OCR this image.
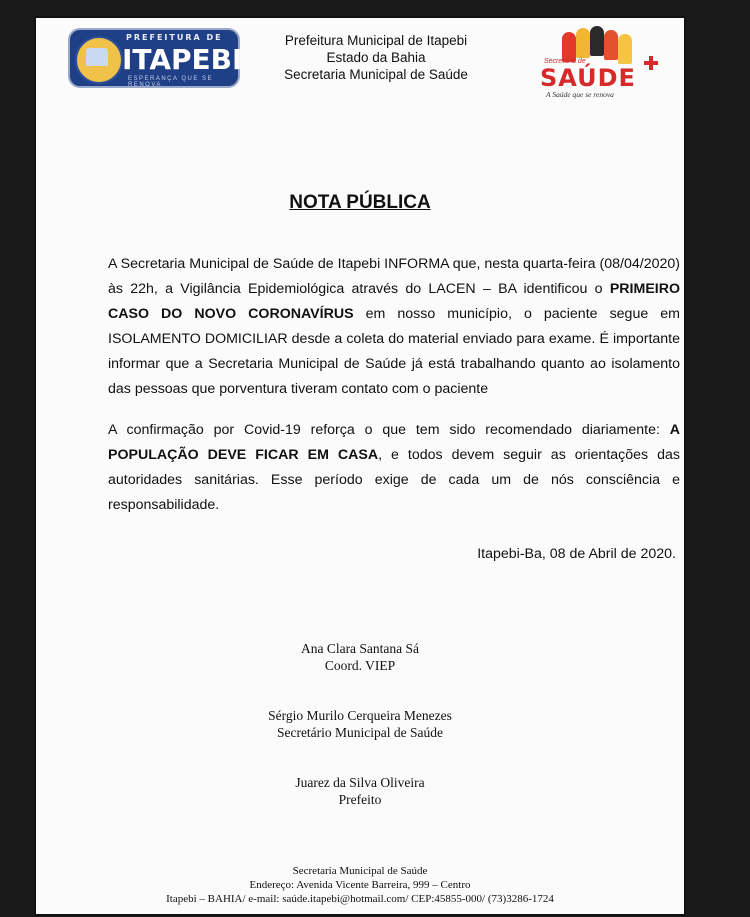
PREFEITURA DE
ITAPEBI
ESPERANÇA QUE SE RENOVA
Prefeitura Municipal de Itapebi
Estado da Bahia
Secretaria Municipal de Saúde
Secretaria de
SAÚDE
A Saúde que se renova
NOTA PÚBLICA
A Secretaria Municipal de Saúde de Itapebi INFORMA que, nesta quarta-feira (08/04/2020) às 22h, a Vigilância Epidemiológica através do LACEN – BA identificou o PRIMEIRO CASO DO NOVO CORONAVÍRUS em nosso município, o paciente segue em ISOLAMENTO DOMICILIAR desde a coleta do material enviado para exame. É importante informar que a Secretaria Municipal de Saúde já está trabalhando quanto ao isolamento das pessoas que porventura tiveram contato com o paciente
A confirmação por Covid-19 reforça o que tem sido recomendado diariamente: A POPULAÇÃO DEVE FICAR EM CASA, e todos devem seguir as orientações das autoridades sanitárias. Esse período exige de cada um de nós consciência e responsabilidade.
Itapebi-Ba, 08 de Abril de 2020.
Ana Clara Santana Sá
Coord. VIEP
Sérgio Murilo Cerqueira Menezes
Secretário Municipal de Saúde
Juarez da Silva Oliveira
Prefeito
Secretaria Municipal de Saúde
Endereço: Avenida Vicente Barreira, 999 – Centro
Itapebi – BAHIA/ e-mail: saúde.itapebi@hotmail.com/ CEP:45855-000/ (73)3286-1724
